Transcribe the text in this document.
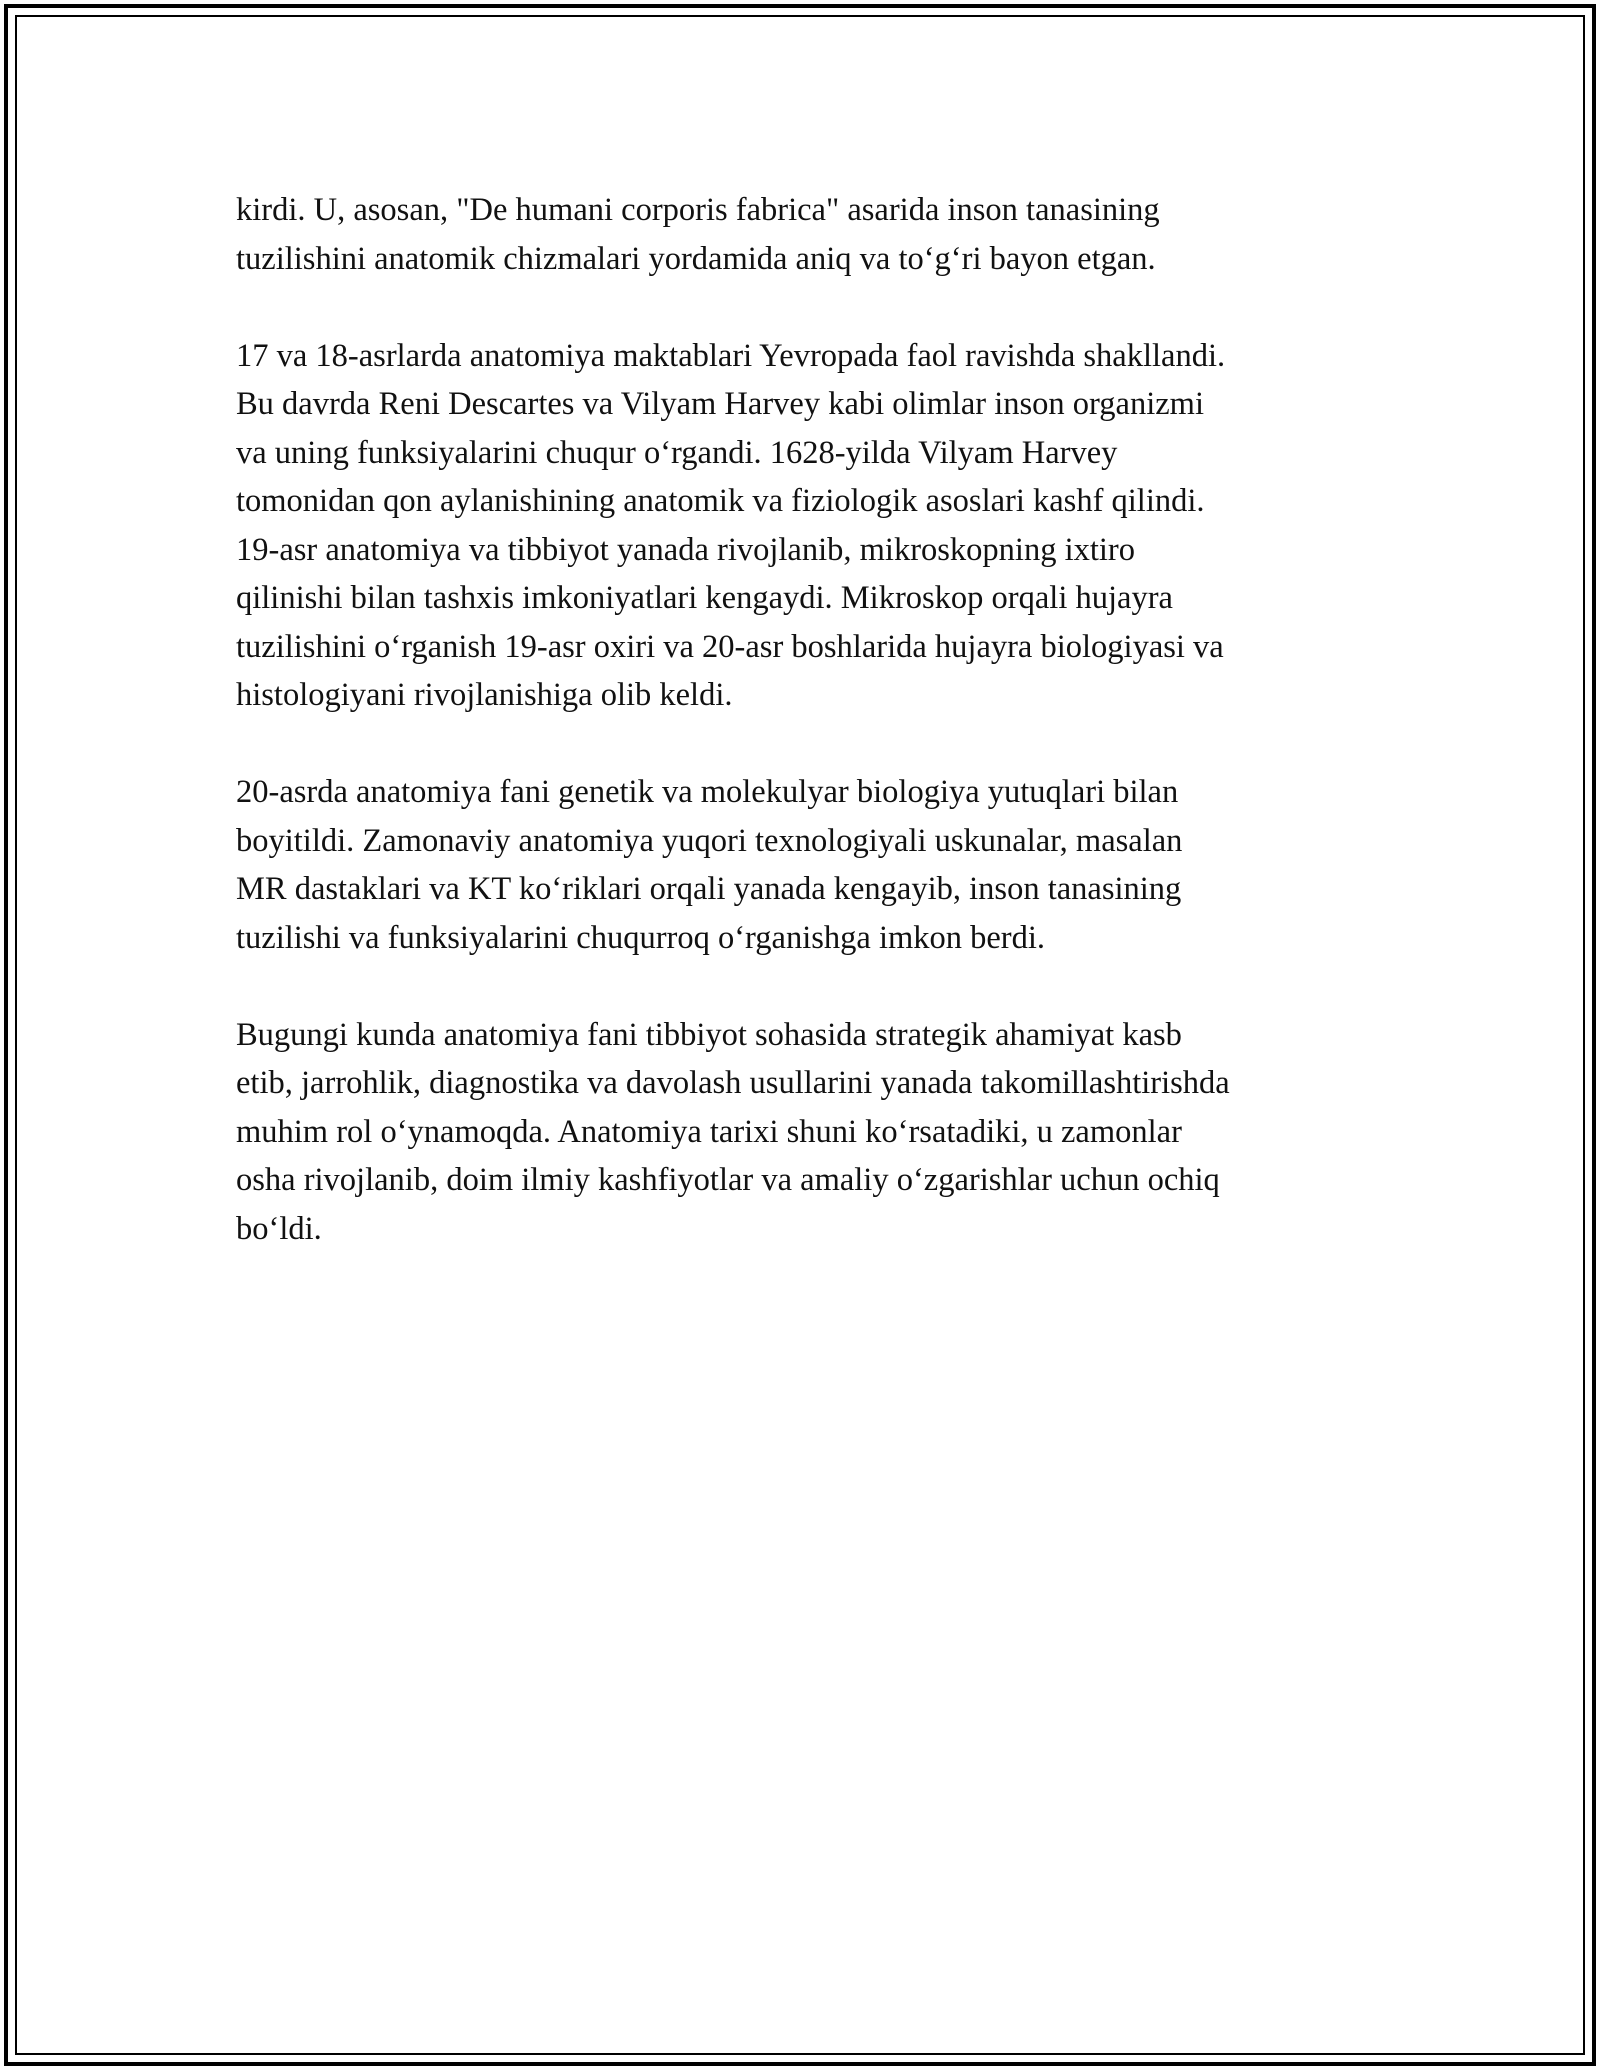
kirdi. U, asosan, "De humani corporis fabrica" asarida inson tanasining
tuzilishini anatomik chizmalari yordamida aniq va to‘g‘ri bayon etgan.

17 va 18-asrlarda anatomiya maktablari Yevropada faol ravishda shakllandi.
Bu davrda Reni Descartes va Vilyam Harvey kabi olimlar inson organizmi
va uning funksiyalarini chuqur o‘rgandi. 1628-yilda Vilyam Harvey
tomonidan qon aylanishining anatomik va fiziologik asoslari kashf qilindi.
19-asr anatomiya va tibbiyot yanada rivojlanib, mikroskopning ixtiro
qilinishi bilan tashxis imkoniyatlari kengaydi. Mikroskop orqali hujayra
tuzilishini o‘rganish 19-asr oxiri va 20-asr boshlarida hujayra biologiyasi va
histologiyani rivojlanishiga olib keldi.

20-asrda anatomiya fani genetik va molekulyar biologiya yutuqlari bilan
boyitildi. Zamonaviy anatomiya yuqori texnologiyali uskunalar, masalan
MR dastaklari va KT ko‘riklari orqali yanada kengayib, inson tanasining
tuzilishi va funksiyalarini chuqurroq o‘rganishga imkon berdi.

Bugungi kunda anatomiya fani tibbiyot sohasida strategik ahamiyat kasb
etib, jarrohlik, diagnostika va davolash usullarini yanada takomillashtirishda
muhim rol o‘ynamoqda. Anatomiya tarixi shuni ko‘rsatadiki, u zamonlar
osha rivojlanib, doim ilmiy kashfiyotlar va amaliy o‘zgarishlar uchun ochiq
bo‘ldi.
